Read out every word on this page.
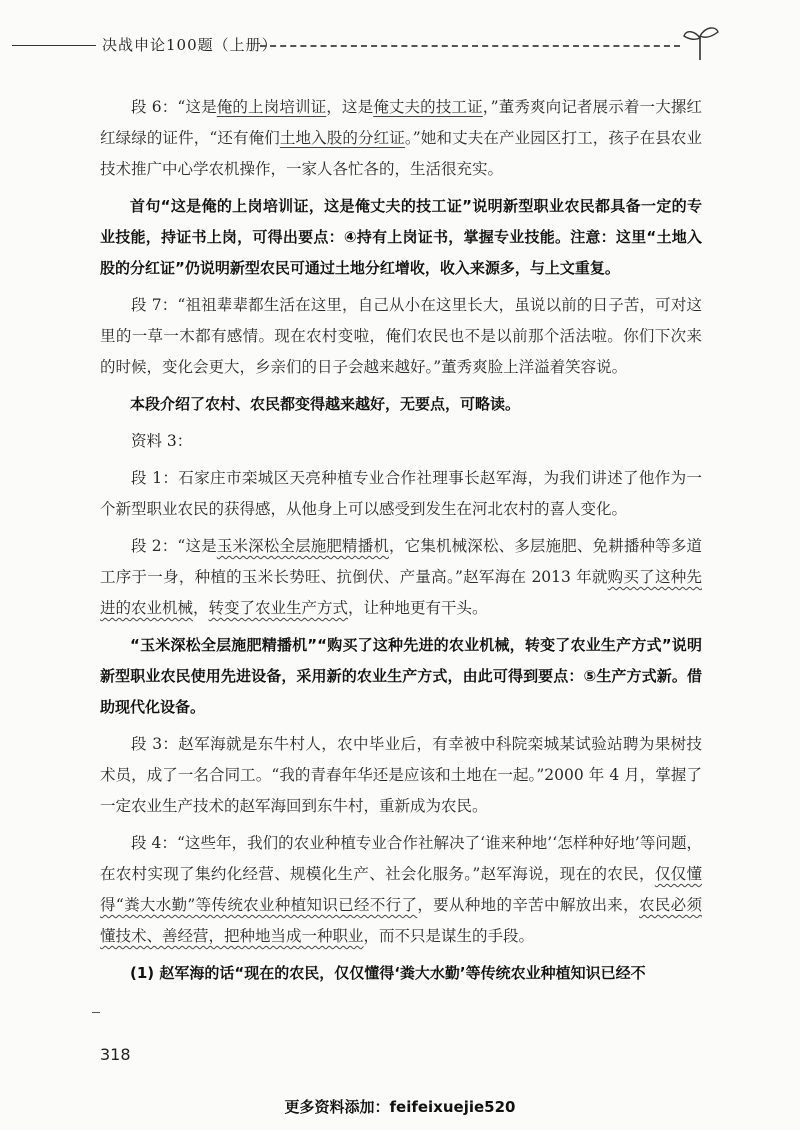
决战申论100题（上册）

段 6：“这是俺的上岗培训证，这是俺丈夫的技工证，”董秀爽向记者展示着一大摞红红绿绿的证件，“还有俺们土地入股的分红证。”她和丈夫在产业园区打工，孩子在县农业技术推广中心学农机操作，一家人各忙各的，生活很充实。

首句“这是俺的上岗培训证，这是俺丈夫的技工证”说明新型职业农民都具备一定的专业技能，持证书上岗，可得出要点：④持有上岗证书，掌握专业技能。注意：这里“土地入股的分红证”仍说明新型农民可通过土地分红增收，收入来源多，与上文重复。

段 7：“祖祖辈辈都生活在这里，自己从小在这里长大，虽说以前的日子苦，可对这里的一草一木都有感情。现在农村变啦，俺们农民也不是以前那个活法啦。你们下次来的时候，变化会更大，乡亲们的日子会越来越好。”董秀爽脸上洋溢着笑容说。

本段介绍了农村、农民都变得越来越好，无要点，可略读。

资料 3：

段 1：石家庄市栾城区天亮种植专业合作社理事长赵军海，为我们讲述了他作为一个新型职业农民的获得感，从他身上可以感受到发生在河北农村的喜人变化。

段 2：“这是玉米深松全层施肥精播机，它集机械深松、多层施肥、免耕播种等多道工序于一身，种植的玉米长势旺、抗倒伏、产量高。”赵军海在 2013 年就购买了这种先进的农业机械，转变了农业生产方式，让种地更有干头。

“玉米深松全层施肥精播机”“购买了这种先进的农业机械，转变了农业生产方式”说明新型职业农民使用先进设备，采用新的农业生产方式，由此可得到要点：⑤生产方式新。借助现代化设备。

段 3：赵军海就是东牛村人，农中毕业后，有幸被中科院栾城某试验站聘为果树技术员，成了一名合同工。“我的青春年华还是应该和土地在一起。”2000 年 4 月，掌握了一定农业生产技术的赵军海回到东牛村，重新成为农民。

段 4：“这些年，我们的农业种植专业合作社解决了‘谁来种地’‘怎样种好地’等问题，在农村实现了集约化经营、规模化生产、社会化服务。”赵军海说，现在的农民，仅仅懂得“粪大水勤”等传统农业种植知识已经不行了，要从种地的辛苦中解放出来，农民必须懂技术、善经营，把种地当成一种职业，而不只是谋生的手段。

(1) 赵军海的话“现在的农民，仅仅懂得‘粪大水勤’等传统农业种植知识已经不

318
更多资料添加：feifeixuejie520
